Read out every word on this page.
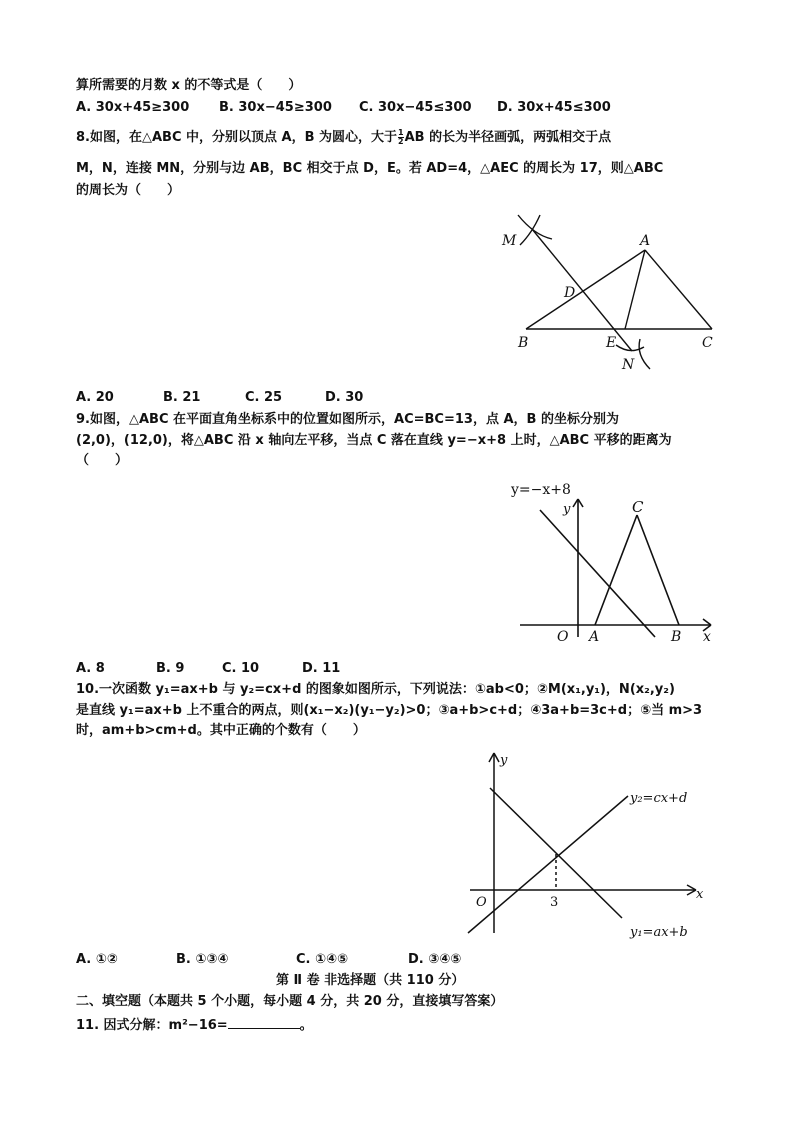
算所需要的月数 x 的不等式是（　　）
A. 30x+45≥300 B. 30x−45≥300 C. 30x−45≤300 D. 30x+45≤300
8.如图，在△ABC 中，分别以顶点 A，B 为圆心，大于 $\frac{1}{2}$ AB 的长为半径画弧，两弧相交于点
M，N，连接 MN，分别与边 AB，BC 相交于点 D，E。若 AD=4，△AEC 的周长为 17，则△ABC
的周长为（　　）
M	A
D
B	E	C
N
A. 20	B. 21	C. 25	D. 30
9.如图，△ABC 在平面直角坐标系中的位置如图所示，AC=BC=13，点 A，B 的坐标分别为
(2,0)，(12,0)，将△ABC 沿 x 轴向左平移，当点 C 落在直线 y=−x+8 上时，△ABC 平移的距离为
（　　）
y=−x+8
y	C
O A	B x
A. 8	B. 9	C. 10	D. 11
10.一次函数 y₁=ax+b 与 y₂=cx+d 的图象如图所示，下列说法：①ab<0；②M(x₁,y₁)，N(x₂,y₂)
是直线 y₁=ax+b 上不重合的两点，则(x₁−x₂)(y₁−y₂)>0；③a+b>c+d；④3a+b=3c+d；⑤当 m>3
时，am+b>cm+d。其中正确的个数有（　　）
y
O	3
x
y₂=cx+d
y₁=ax+b
A. ①②	B. ①③④	C. ①④⑤	D. ③④⑤
第 Ⅱ 卷 非选择题（共 110 分）
二、填空题（本题共 5 个小题，每小题 4 分，共 20 分，直接填写答案）
11. 因式分解：m²−16=	。
